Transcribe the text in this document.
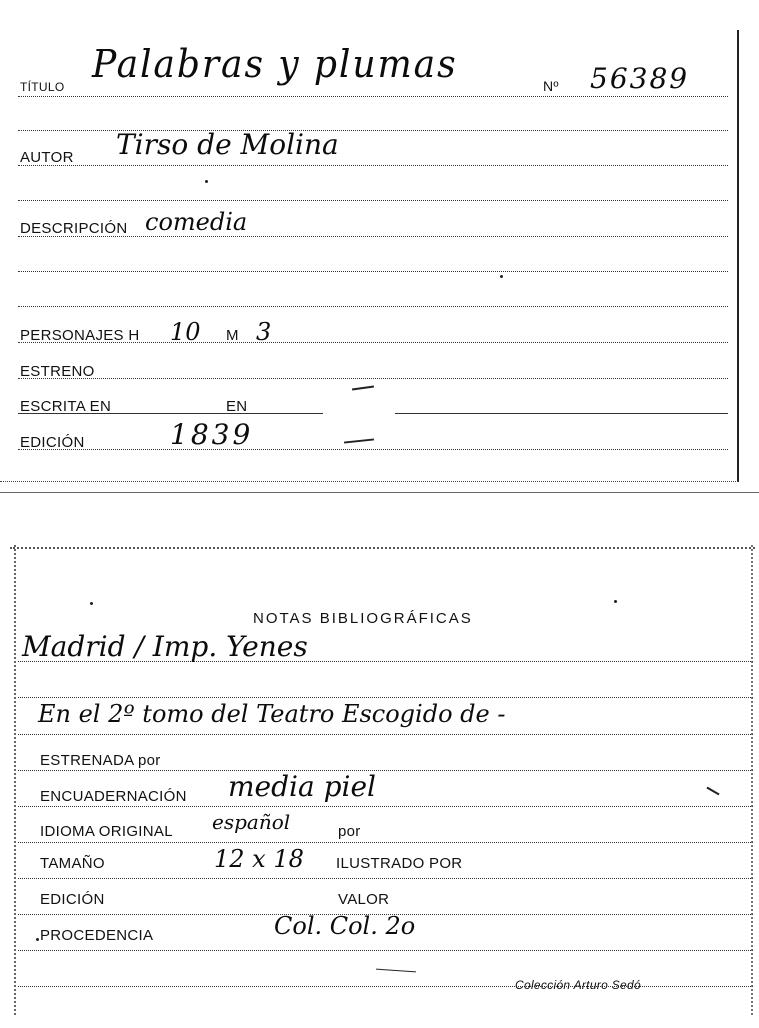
TÍTULO
Palabras y plumas	Nº 56389
AUTOR Tirso de Molina
DESCRIPCIÓN comedia
PERSONAJES H 10 M 3
ESTRENO
ESCRITA EN	EN
EDICIÓN	1839
NOTAS BIBLIOGRÁFICAS
Madrid / Imp. Yenes
En el 2º tomo del Teatro Escogido de -
ESTRENADA por
ENCUADERNACIÓN media piel
IDIOMA ORIGINAL español	por
TAMAÑO	12 x 18 ILUSTRADO POR
EDICIÓN	VALOR
PROCEDENCIA	Col. Col. 2o
Colección Arturo Sedó
